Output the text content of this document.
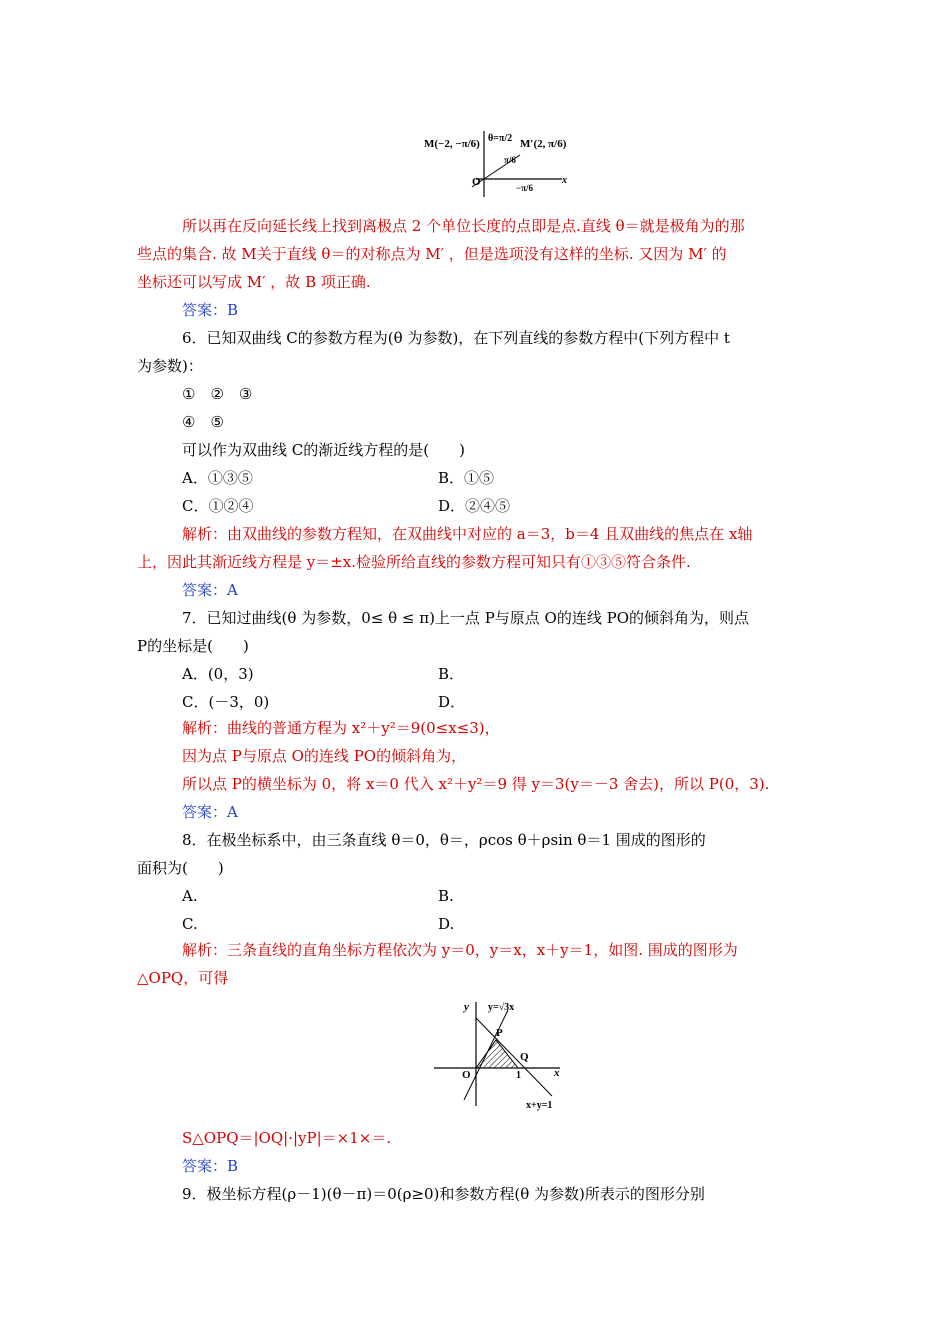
M(−2, −π/6) θ=π/2 M′(2, π/6)
π/6
O	−π/6
x
所以再在反向延长线上找到离极点 2 个单位长度的点即是点.直线 θ＝就是极角为的那
些点的集合. 故 M关于直线 θ＝的对称点为 M′ ，但是选项没有这样的坐标. 又因为 M′ 的
坐标还可以写成 M′ ，故 B 项正确.
答案：B
6．已知双曲线 C的参数方程为(θ 为参数)，在下列直线的参数方程中(下列方程中 t
为参数)：
①　②　③
④　⑤
可以作为双曲线 C的渐近线方程的是(　　)
A．①③⑤	B．①⑤
C．①②④	D．②④⑤
解析：由双曲线的参数方程知，在双曲线中对应的 a＝3，b＝4 且双曲线的焦点在 x轴
上，因此其渐近线方程是 y＝±x.检验所给直线的参数方程可知只有①③⑤符合条件.
答案：A
7．已知过曲线(θ 为参数，0≤ θ ≤ π)上一点 P与原点 O的连线 PO的倾斜角为，则点
P的坐标是(　　)
A．(0，3)	B．
C．(－3，0)	D．
解析：曲线的普通方程为 x²＋y²＝9(0≤x≤3)，
因为点 P与原点 O的连线 PO的倾斜角为，
所以点 P的横坐标为 0，将 x＝0 代入 x²＋y²＝9 得 y＝3(y＝－3 舍去)，所以 P(0，3).
答案：A
8．在极坐标系中，由三条直线 θ＝0，θ＝，ρcos θ＋ρsin θ＝1 围成的图形的
面积为(　　)
A.	B.
C.	D.
解析：三条直线的直角坐标方程依次为 y＝0，y＝x，x＋y＝1，如图. 围成的图形为
△OPQ，可得
y y=√3x
P
Q
O	1	x
x+y=1
S△OPQ＝|OQ|·|yP|＝×1×＝.
答案：B
9．极坐标方程(ρ－1)(θ－π)＝0(ρ≥0)和参数方程(θ 为参数)所表示的图形分别
